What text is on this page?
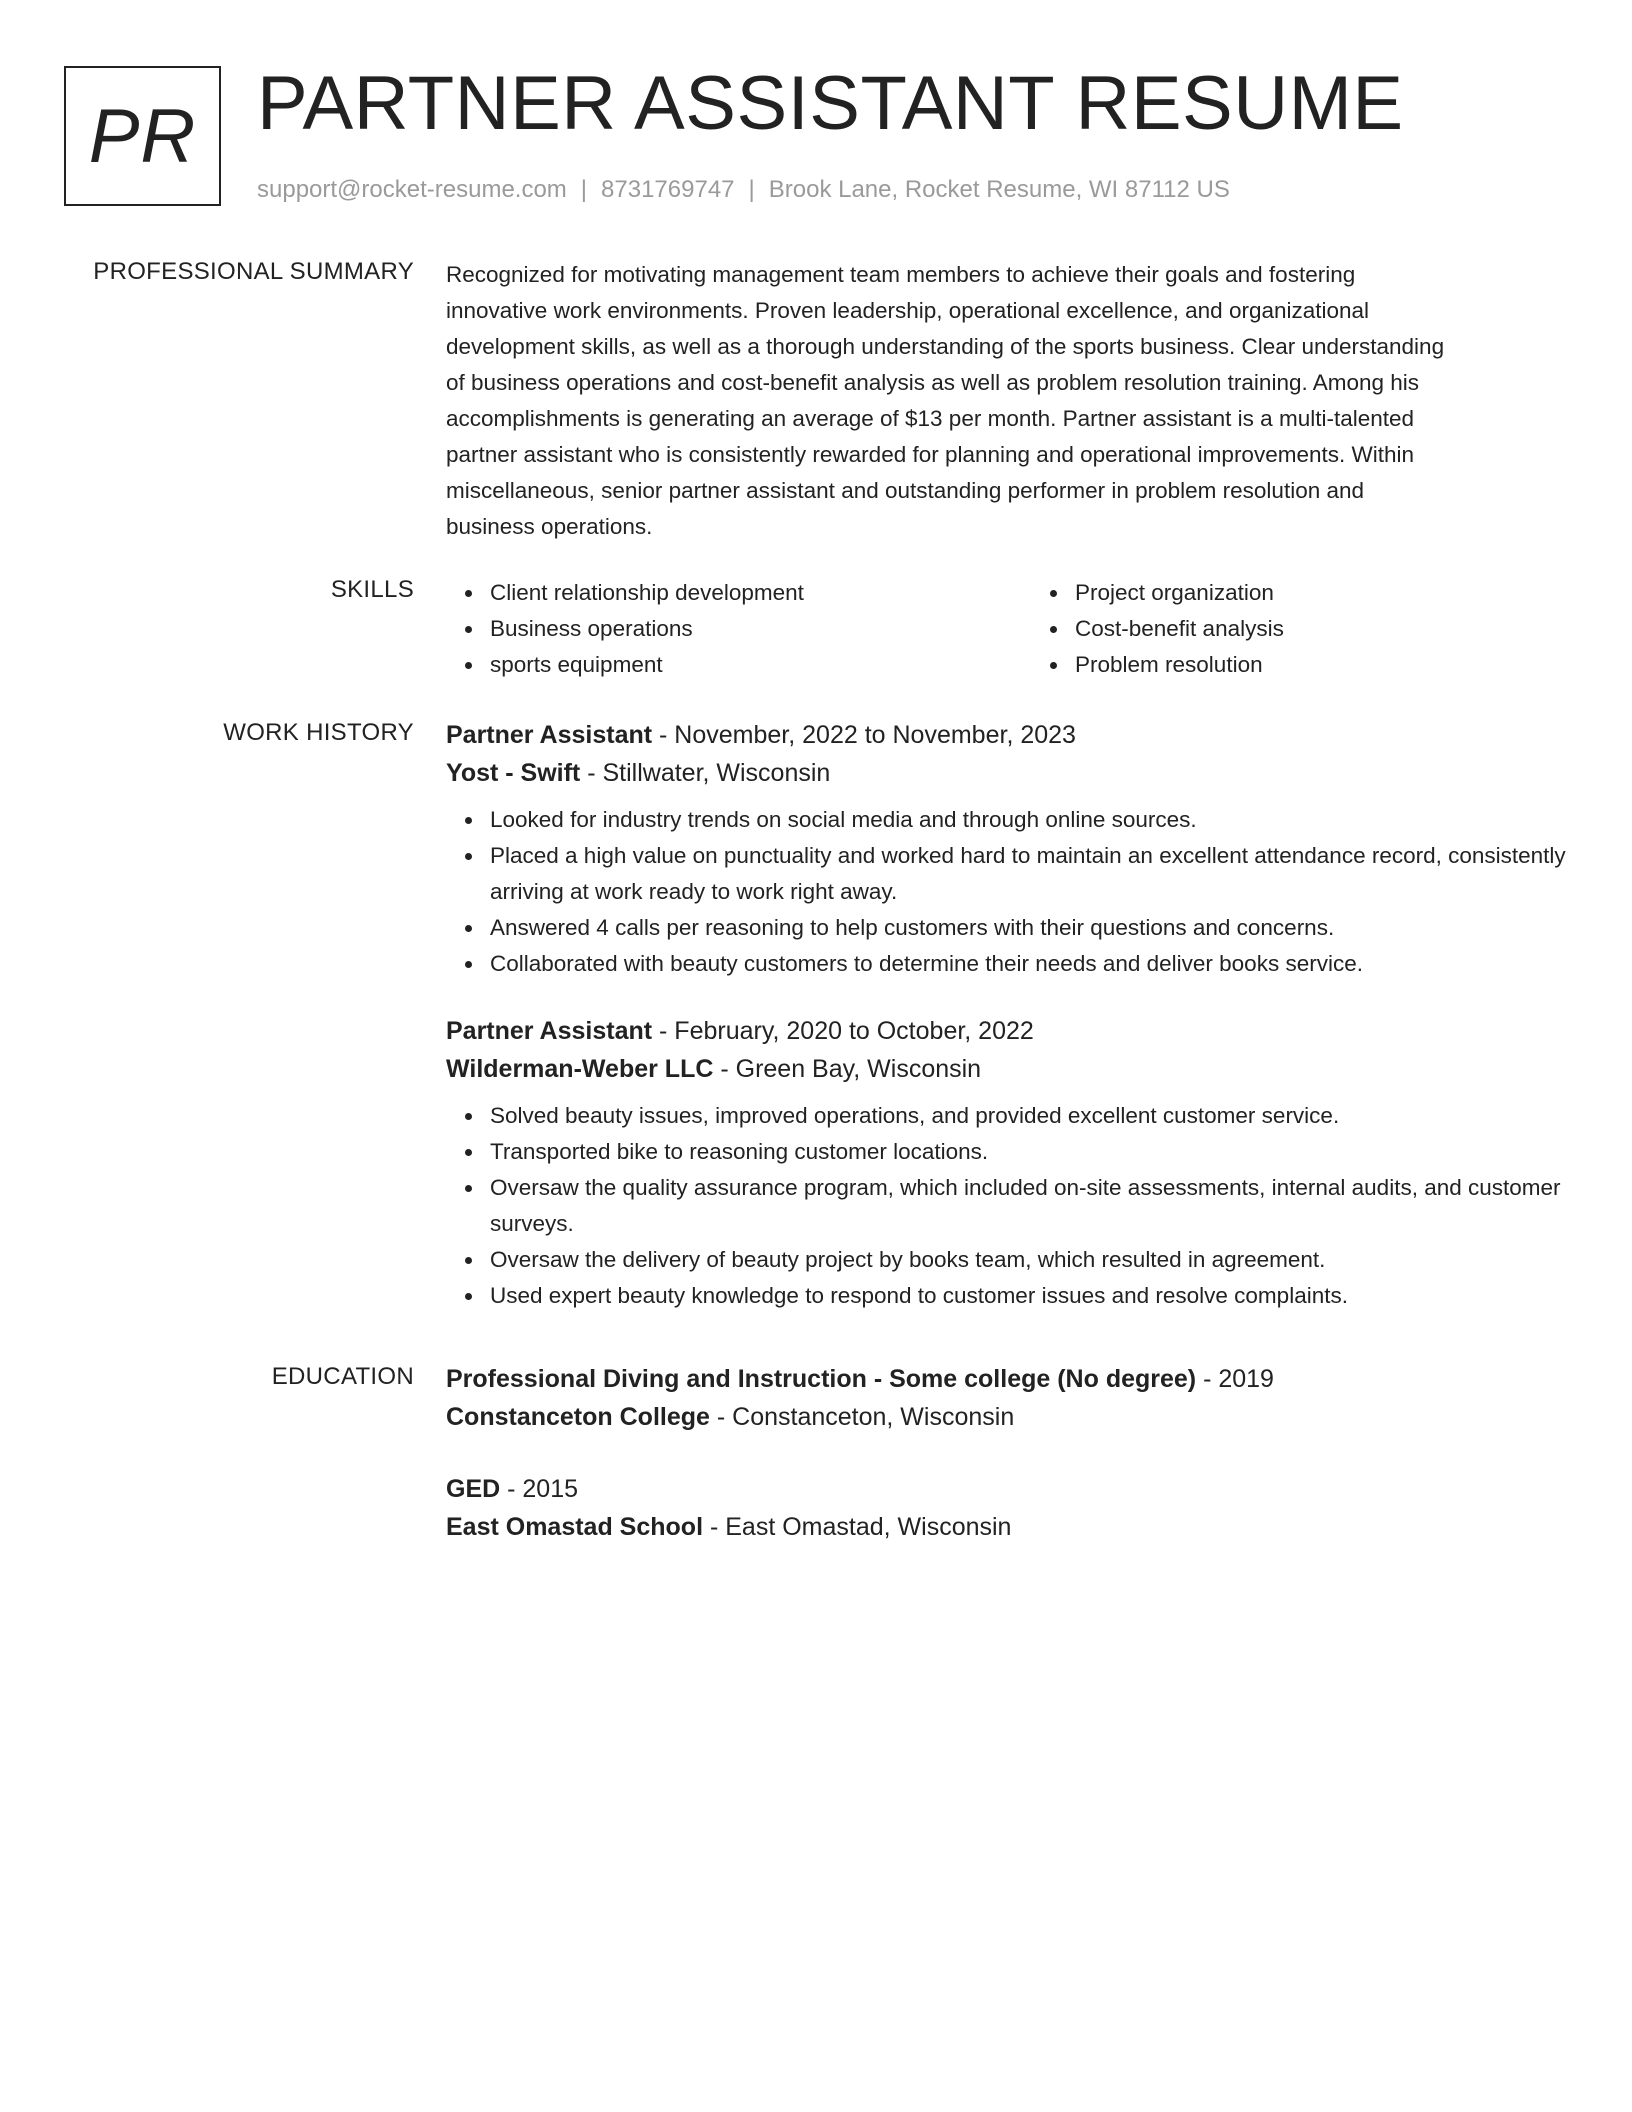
PR PARTNER ASSISTANT RESUME
support@rocket-resume.com | 8731769747 | Brook Lane, Rocket Resume, WI 87112 US
PROFESSIONAL SUMMARY Recognized for motivating management team members to achieve their goals and fostering
innovative work environments. Proven leadership, operational excellence, and organizational
development skills, as well as a thorough understanding of the sports business. Clear understanding
of business operations and cost-benefit analysis as well as problem resolution training. Among his
accomplishments is generating an average of $13 per month. Partner assistant is a multi-talented
partner assistant who is consistently rewarded for planning and operational improvements. Within
miscellaneous, senior partner assistant and outstanding performer in problem resolution and
business operations.

SKILLS	Client relationship development
Business operations
sports equipment
Project organization
Cost-benefit analysis
Problem resolution
WORK HISTORY Partner Assistant - November, 2022 to November, 2023
Yost - Swift - Stillwater, Wisconsin
Looked for industry trends on social media and through online sources.
Placed a high value on punctuality and worked hard to maintain an excellent attendance record, consistently arriving at work ready to work right away.
Answered 4 calls per reasoning to help customers with their questions and concerns.
Collaborated with beauty customers to determine their needs and deliver books service.
Partner Assistant - February, 2020 to October, 2022
Wilderman-Weber LLC - Green Bay, Wisconsin
Solved beauty issues, improved operations, and provided excellent customer service.
Transported bike to reasoning customer locations.
Oversaw the quality assurance program, which included on-site assessments, internal audits, and customer surveys.
Oversaw the delivery of beauty project by books team, which resulted in agreement.
Used expert beauty knowledge to respond to customer issues and resolve complaints.
EDUCATION Professional Diving and Instruction - Some college (No degree) - 2019
Constanceton College - Constanceton, Wisconsin
GED - 2015
East Omastad School - East Omastad, Wisconsin
